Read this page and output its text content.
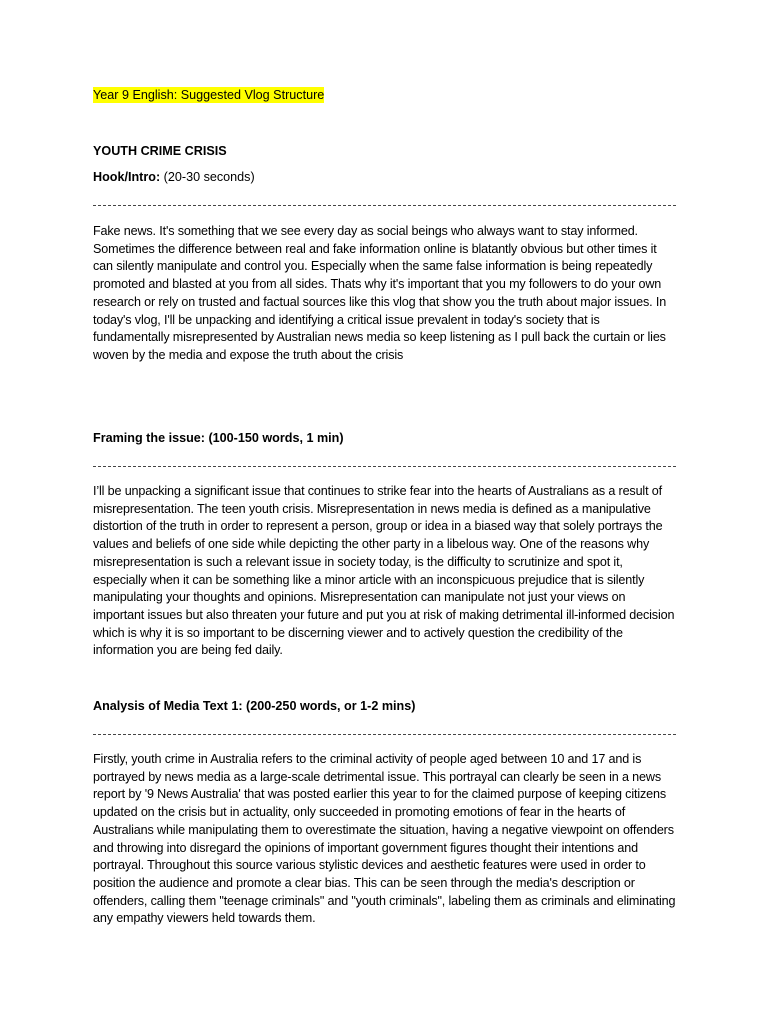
Year 9 English: Suggested Vlog Structure
YOUTH CRIME CRISIS
Hook/Intro: (20-30 seconds)
Fake news. It's something that we see every day as social beings who always want to stay informed. Sometimes the difference between real and fake information online is blatantly obvious but other times it can silently manipulate and control you. Especially when the same false information is being repeatedly promoted and blasted at you from all sides. Thats why it's important that you my followers to do your own research or rely on trusted and factual sources like this vlog that show you the truth about major issues. In today's vlog, I'll be unpacking and identifying a critical issue prevalent in today's society that is fundamentally misrepresented by Australian news media so keep listening as I pull back the curtain or lies woven by the media and expose the truth about the crisis
Framing the issue: (100-150 words, 1 min)
I’ll be unpacking a significant issue that continues to strike fear into the hearts of Australians as a result of misrepresentation. The teen youth crisis. Misrepresentation in news media is defined as a manipulative distortion of the truth in order to represent a person, group or idea in a biased way that solely portrays the values and beliefs of one side while depicting the other party in a libelous way. One of the reasons why misrepresentation is such a relevant issue in society today, is the difficulty to scrutinize and spot it, especially when it can be something like a minor article with an inconspicuous prejudice that is silently manipulating your thoughts and opinions. Misrepresentation can manipulate not just your views on important issues but also threaten your future and put you at risk of making detrimental ill-informed decision which is why it is so important to be discerning viewer and to actively question the credibility of the information you are being fed daily.
Analysis of Media Text 1: (200-250 words, or 1-2 mins)
Firstly, youth crime in Australia refers to the criminal activity of people aged between 10 and 17 and is portrayed by news media as a large-scale detrimental issue. This portrayal can clearly be seen in a news report by '9 News Australia' that was posted earlier this year to for the claimed purpose of keeping citizens updated on the crisis but in actuality, only succeeded in promoting emotions of fear in the hearts of Australians while manipulating them to overestimate the situation, having a negative viewpoint on offenders and throwing into disregard the opinions of important government figures thought their intentions and portrayal. Throughout this source various stylistic devices and aesthetic features were used in order to position the audience and promote a clear bias. This can be seen through the media's description or offenders, calling them "teenage criminals" and "youth criminals", labeling them as criminals and eliminating any empathy viewers held towards them.
